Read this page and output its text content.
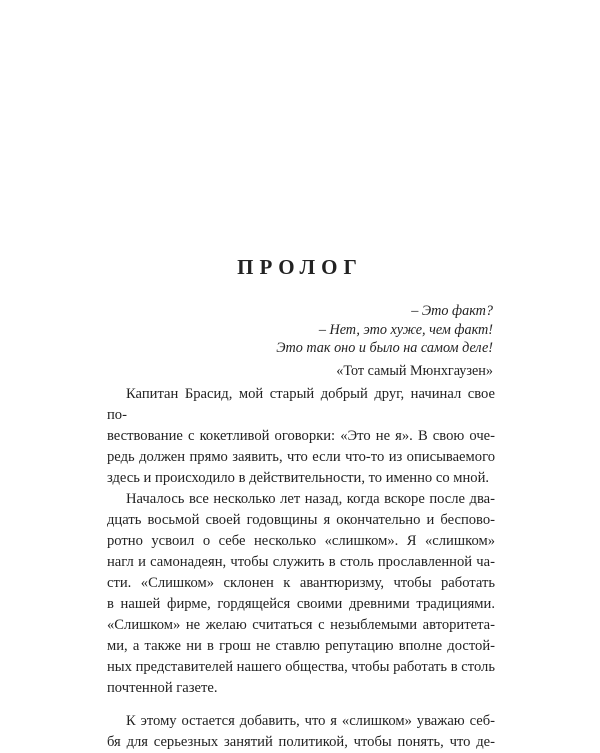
ПРОЛОГ
– Это факт?
– Нет, это хуже, чем факт!
Это так оно и было на самом деле!
«Тот самый Мюнхгаузен»
Капитан Брасид, мой старый добрый друг, начинал свое по-
вествование с кокетливой оговорки: «Это не я». В свою оче-
редь должен прямо заявить, что если что-то из описываемого
здесь и происходило в действительности, то именно со мной.
Началось все несколько лет назад, когда вскоре после два-
дцать восьмой своей годовщины я окончательно и беспово-
ротно усвоил о себе несколько «слишком». Я «слишком»
нагл и самонадеян, чтобы служить в столь прославленной ча-
сти. «Слишком» склонен к авантюризму, чтобы работать
в нашей фирме, гордящейся своими древними традициями.
«Слишком» не желаю считаться с незыблемыми авторитета-
ми, а также ни в грош не ставлю репутацию вполне достой-
ных представителей нашего общества, чтобы работать в столь
почтенной газете.
К этому остается добавить, что я «слишком» уважаю себ-
бя для серьезных занятий политикой, чтобы понять, что де-
